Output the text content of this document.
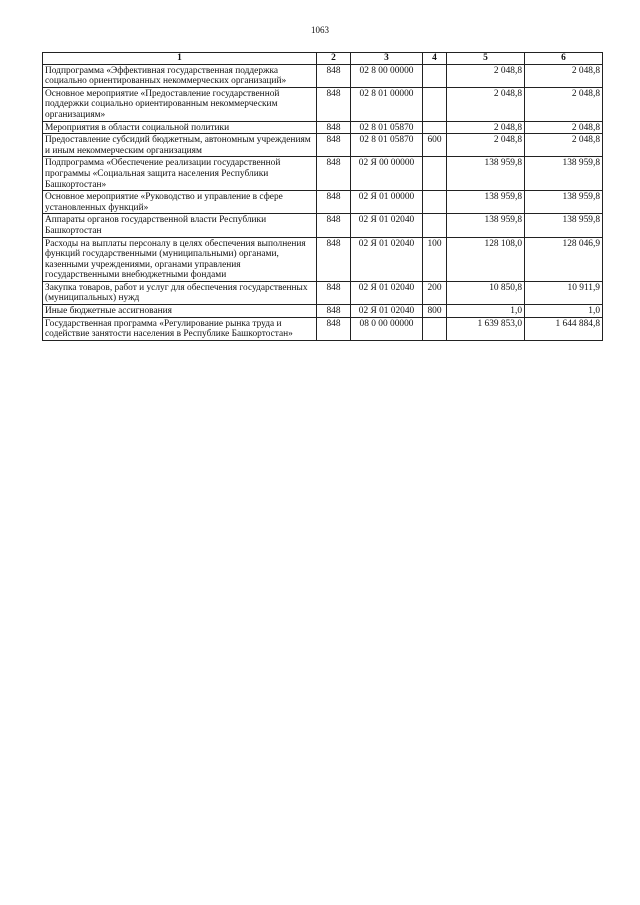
1063
1	2	3	4	5	6
Подпрограмма «Эффективная государственная поддержка социально ориентированных некоммерческих организаций»	848	02 8 00 00000		2 048,8	2 048,8
Основное мероприятие «Предоставление государственной поддержки социально ориентированным некоммерческим организациям»	848	02 8 01 00000		2 048,8	2 048,8
Мероприятия в области социальной политики	848	02 8 01 05870		2 048,8	2 048,8
Предоставление субсидий бюджетным, автономным учреждениям и иным некоммерческим организациям	848	02 8 01 05870	600	2 048,8	2 048,8
Подпрограмма «Обеспечение реализации государственной программы «Социальная защита населения Республики Башкортостан»	848	02 Я 00 00000		138 959,8	138 959,8
Основное мероприятие «Руководство и управление в сфере установленных функций»	848	02 Я 01 00000		138 959,8	138 959,8
Аппараты органов государственной власти Республики Башкортостан	848	02 Я 01 02040		138 959,8	138 959,8
Расходы на выплаты персоналу в целях обеспечения выполнения функций государственными (муниципальными) органами, казенными учреждениями, органами управления государственными внебюджетными фондами	848	02 Я 01 02040	100	128 108,0	128 046,9
Закупка товаров, работ и услуг для обеспечения государственных (муниципальных) нужд	848	02 Я 01 02040	200	10 850,8	10 911,9
Иные бюджетные ассигнования	848	02 Я 01 02040	800	1,0	1,0
Государственная программа «Регулирование рынка труда и содействие занятости населения в Республике Башкортостан»	848	08 0 00 00000		1 639 853,0	1 644 884,8
